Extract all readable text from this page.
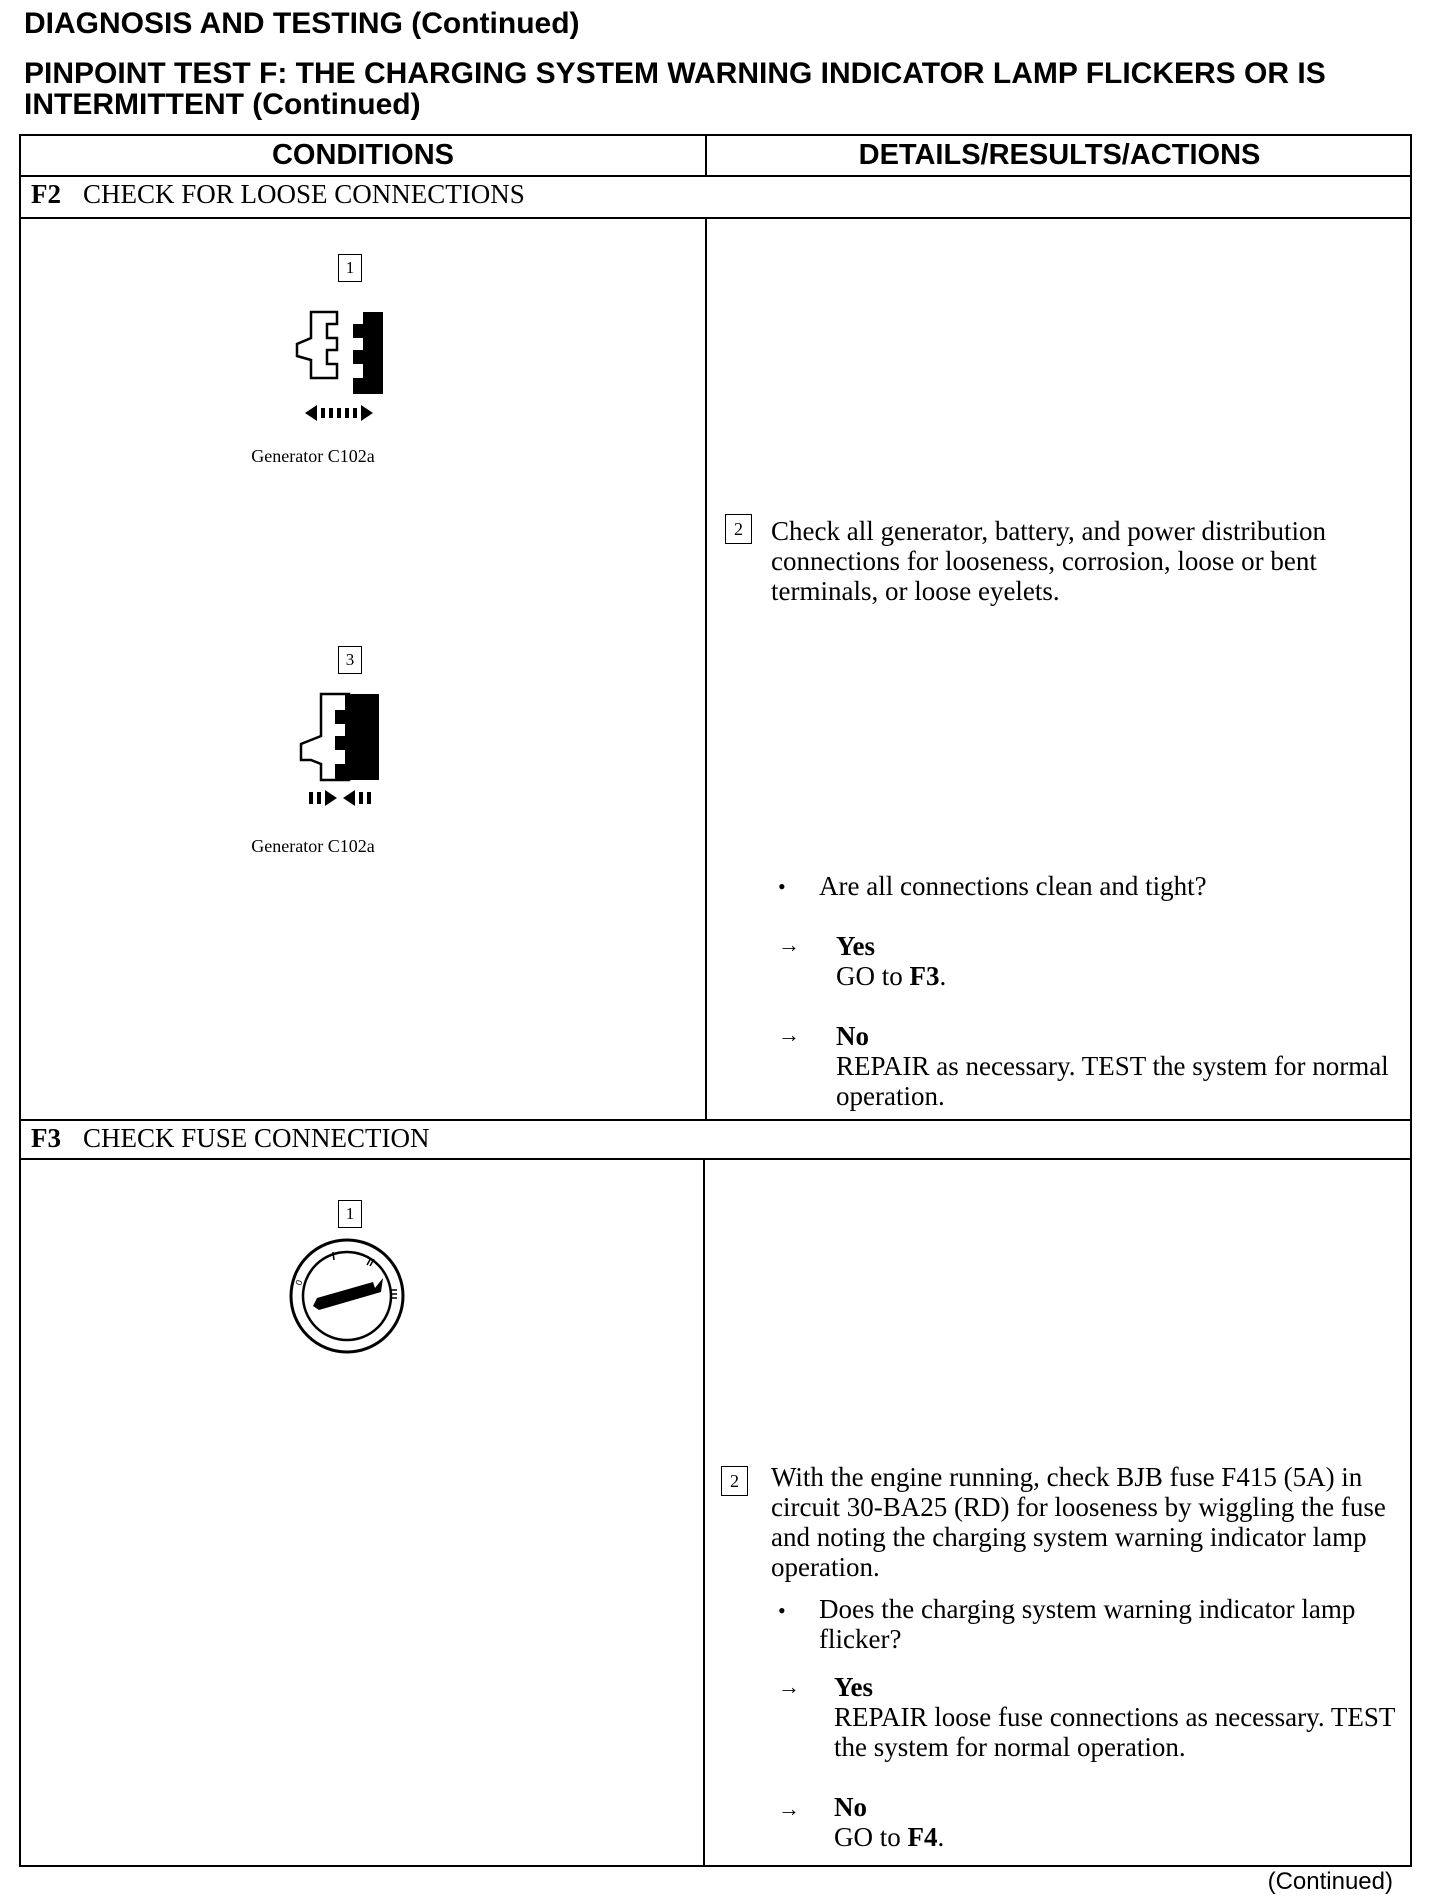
DIAGNOSIS AND TESTING (Continued)
PINPOINT TEST F: THE CHARGING SYSTEM WARNING INDICATOR LAMP FLICKERS OR IS INTERMITTENT (Continued)
CONDITIONS	DETAILS/RESULTS/ACTIONS
F2 CHECK FOR LOOSE CONNECTIONS
1
Generator C102a
3
Generator C102a
2	Check all generator, battery, and power distribution connections for looseness, corrosion, loose or bent terminals, or loose eyelets.
• Are all connections clean and tight?
→ Yes
GO to F3.
→ No
REPAIR as necessary. TEST the system for normal operation.
F3 CHECK FUSE CONNECTION
1
0
2	With the engine running, check BJB fuse F415 (5A) in circuit 30-BA25 (RD) for looseness by wiggling the fuse and noting the charging system warning indicator lamp operation.
• Does the charging system warning indicator lamp flicker?
→ Yes
REPAIR loose fuse connections as necessary. TEST the system for normal operation.
→ No
GO to F4.
(Continued)
